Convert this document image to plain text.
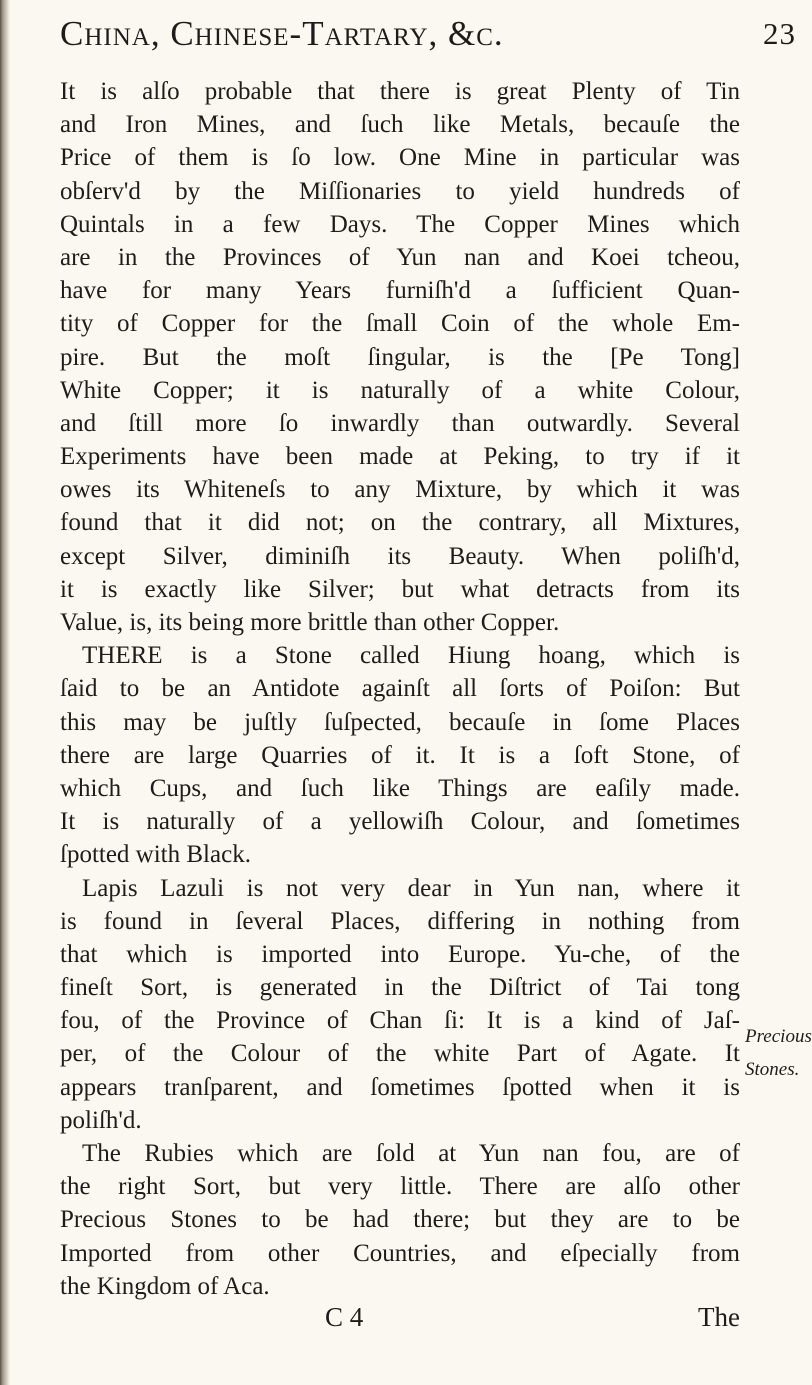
China, Chinese-Tartary, &c.	23
It is alſo probable that there is great Plenty of Tin
and Iron Mines, and ſuch like Metals, becauſe the
Price of them is ſo low. One Mine in particular was
obſerv'd by the Miſſionaries to yield hundreds of
Quintals in a few Days. The Copper Mines which
are in the Provinces of Yun nan and Koei tcheou,
have for many Years furniſh'd a ſufficient Quan-
tity of Copper for the ſmall Coin of the whole Em-
pire. But the moſt ſingular, is the [Pe Tong]
White Copper; it is naturally of a white Colour,
and ſtill more ſo inwardly than outwardly. Several
Experiments have been made at Peking, to try if it
owes its Whiteneſs to any Mixture, by which it was
found that it did not; on the contrary, all Mixtures,
except Silver, diminiſh its Beauty. When poliſh'd,
it is exactly like Silver; but what detracts from its
Value, is, its being more brittle than other Copper.
THERE is a Stone called Hiung hoang, which is
ſaid to be an Antidote againſt all ſorts of Poiſon: But
this may be juſtly ſuſpected, becauſe in ſome Places
there are large Quarries of it. It is a ſoft Stone, of
which Cups, and ſuch like Things are eaſily made.
It is naturally of a yellowiſh Colour, and ſometimes
ſpotted with Black.
Lapis Lazuli is not very dear in Yun nan, where it
is found in ſeveral Places, differing in nothing from
that which is imported into Europe. Yu-che, of the
fineſt Sort, is generated in the Diſtrict of Tai tong
fou, of the Province of Chan ſi: It is a kind of Jaſ-
per, of the Colour of the white Part of Agate. It
appears tranſparent, and ſometimes ſpotted when it is
poliſh'd.
The Rubies which are ſold at Yun nan fou, are of
the right Sort, but very little. There are alſo other
Precious Stones to be had there; but they are to be
Imported from other Countries, and eſpecially from
the Kingdom of Aca.
Precious
Stones.
C 4	The
